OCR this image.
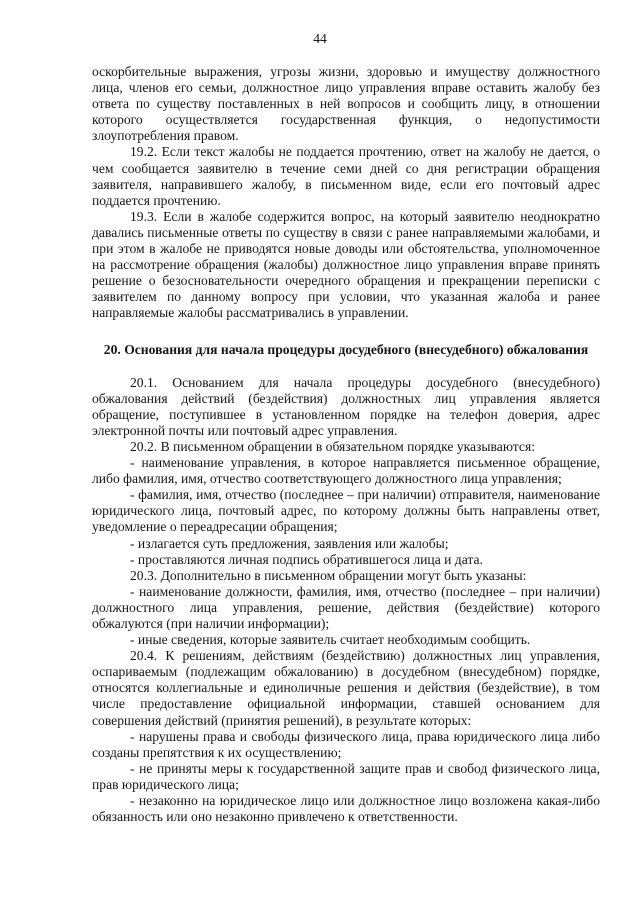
44

оскорбительные выражения, угрозы жизни, здоровью и имуществу должностного лица, членов его семьи, должностное лицо управления вправе оставить жалобу без ответа по существу поставленных в ней вопросов и сообщить лицу, в отношении которого осуществляется государственная функция, о недопустимости злоупотребления правом.

19.2. Если текст жалобы не поддается прочтению, ответ на жалобу не дается, о чем сообщается заявителю в течение семи дней со дня регистрации обращения заявителя, направившего жалобу, в письменном виде, если его почтовый адрес поддается прочтению.

19.3. Если в жалобе содержится вопрос, на который заявителю неоднократно давались письменные ответы по существу в связи с ранее направляемыми жалобами, и при этом в жалобе не приводятся новые доводы или обстоятельства, уполномоченное на рассмотрение обращения (жалобы) должностное лицо управления вправе принять решение о безосновательности очередного обращения и прекращении переписки с заявителем по данному вопросу при условии, что указанная жалоба и ранее направляемые жалобы рассматривались в управлении.

20. Основания для начала процедуры досудебного (внесудебного) обжалования

20.1. Основанием для начала процедуры досудебного (внесудебного) обжалования действий (бездействия) должностных лиц управления является обращение, поступившее в установленном порядке на телефон доверия, адрес электронной почты или почтовый адрес управления.

20.2. В письменном обращении в обязательном порядке указываются:

- наименование управления, в которое направляется письменное обращение, либо фамилия, имя, отчество соответствующего должностного лица управления;

- фамилия, имя, отчество (последнее – при наличии) отправителя, наименование юридического лица, почтовый адрес, по которому должны быть направлены ответ, уведомление о переадресации обращения;

- излагается суть предложения, заявления или жалобы;

- проставляются личная подпись обратившегося лица и дата.

20.3. Дополнительно в письменном обращении могут быть указаны:

- наименование должности, фамилия, имя, отчество (последнее – при наличии) должностного лица управления, решение, действия (бездействие) которого обжалуются (при наличии информации);

- иные сведения, которые заявитель считает необходимым сообщить.

20.4. К решениям, действиям (бездействию) должностных лиц управления, оспариваемым (подлежащим обжалованию) в досудебном (внесудебном) порядке, относятся коллегиальные и единоличные решения и действия (бездействие), в том числе предоставление официальной информации, ставшей основанием для совершения действий (принятия решений), в результате которых:

- нарушены права и свободы физического лица, права юридического лица либо созданы препятствия к их осуществлению;

- не приняты меры к государственной защите прав и свобод физического лица, прав юридического лица;

- незаконно на юридическое лицо или должностное лицо возложена какая-либо обязанность или оно незаконно привлечено к ответственности.
